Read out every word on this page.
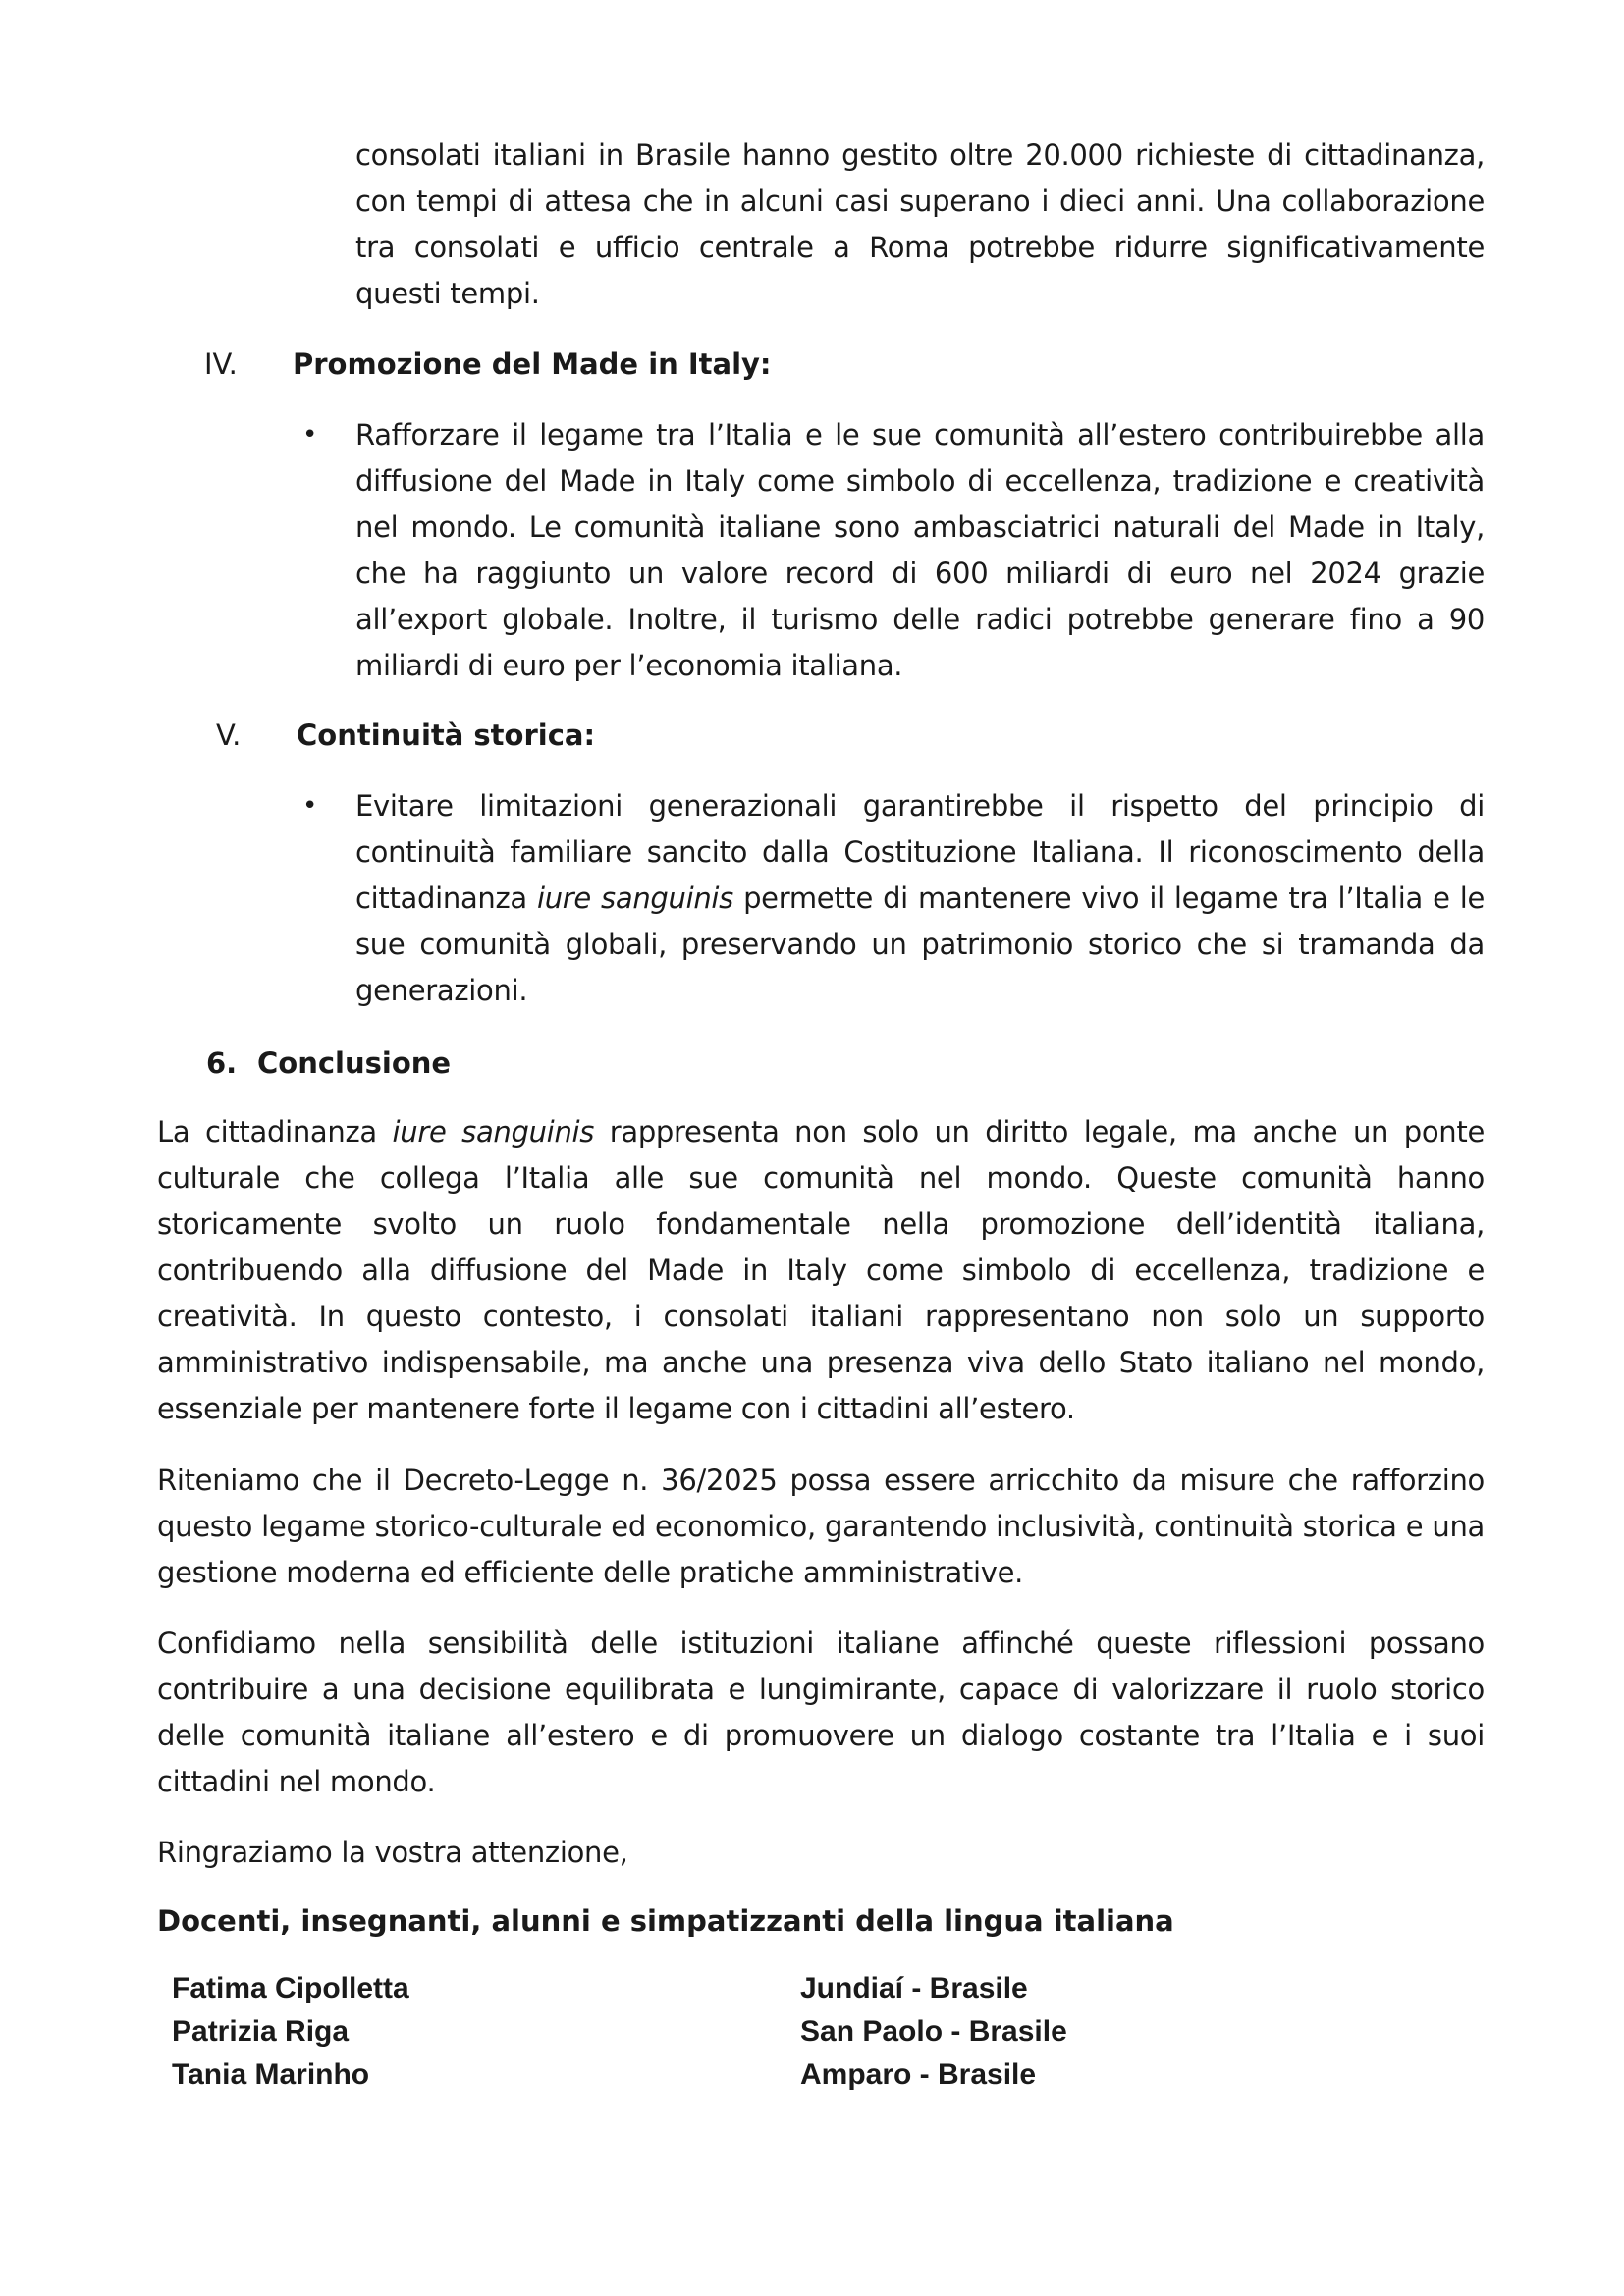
consolati italiani in Brasile hanno gestito oltre 20.000 richieste di cittadinanza, con tempi di attesa che in alcuni casi superano i dieci anni. Una collaborazione tra consolati e ufficio centrale a Roma potrebbe ridurre significativamente questi tempi.

IV. Promozione del Made in Italy:
• Rafforzare il legame tra l’Italia e le sue comunità all’estero contribuirebbe alla diffusione del Made in Italy come simbolo di eccellenza, tradizione e creatività nel mondo. Le comunità italiane sono ambasciatrici naturali del Made in Italy, che ha raggiunto un valore record di 600 miliardi di euro nel 2024 grazie all’export globale. Inoltre, il turismo delle radici potrebbe generare fino a 90 miliardi di euro per l’economia italiana.

V. Continuità storica:
• Evitare limitazioni generazionali garantirebbe il rispetto del principio di continuità familiare sancito dalla Costituzione Italiana. Il riconoscimento della cittadinanza iure sanguinis permette di mantenere vivo il legame tra l’Italia e le sue comunità globali, preservando un patrimonio storico che si tramanda da generazioni.

6. Conclusione

La cittadinanza iure sanguinis rappresenta non solo un diritto legale, ma anche un ponte culturale che collega l’Italia alle sue comunità nel mondo. Queste comunità hanno storicamente svolto un ruolo fondamentale nella promozione dell’identità italiana, contribuendo alla diffusione del Made in Italy come simbolo di eccellenza, tradizione e creatività. In questo contesto, i consolati italiani rappresentano non solo un supporto amministrativo indispensabile, ma anche una presenza viva dello Stato italiano nel mondo, essenziale per mantenere forte il legame con i cittadini all’estero.

Riteniamo che il Decreto-Legge n. 36/2025 possa essere arricchito da misure che rafforzino questo legame storico-culturale ed economico, garantendo inclusività, continuità storica e una gestione moderna ed efficiente delle pratiche amministrative.

Confidiamo nella sensibilità delle istituzioni italiane affinché queste riflessioni possano contribuire a una decisione equilibrata e lungimirante, capace di valorizzare il ruolo storico delle comunità italiane all’estero e di promuovere un dialogo costante tra l’Italia e i suoi cittadini nel mondo.

Ringraziamo la vostra attenzione,

Docenti, insegnanti, alunni e simpatizzanti della lingua italiana

Fatima Cipolletta	Jundiaí - Brasile

Patrizia Riga	San Paolo - Brasile

Tania Marinho	Amparo - Brasile
